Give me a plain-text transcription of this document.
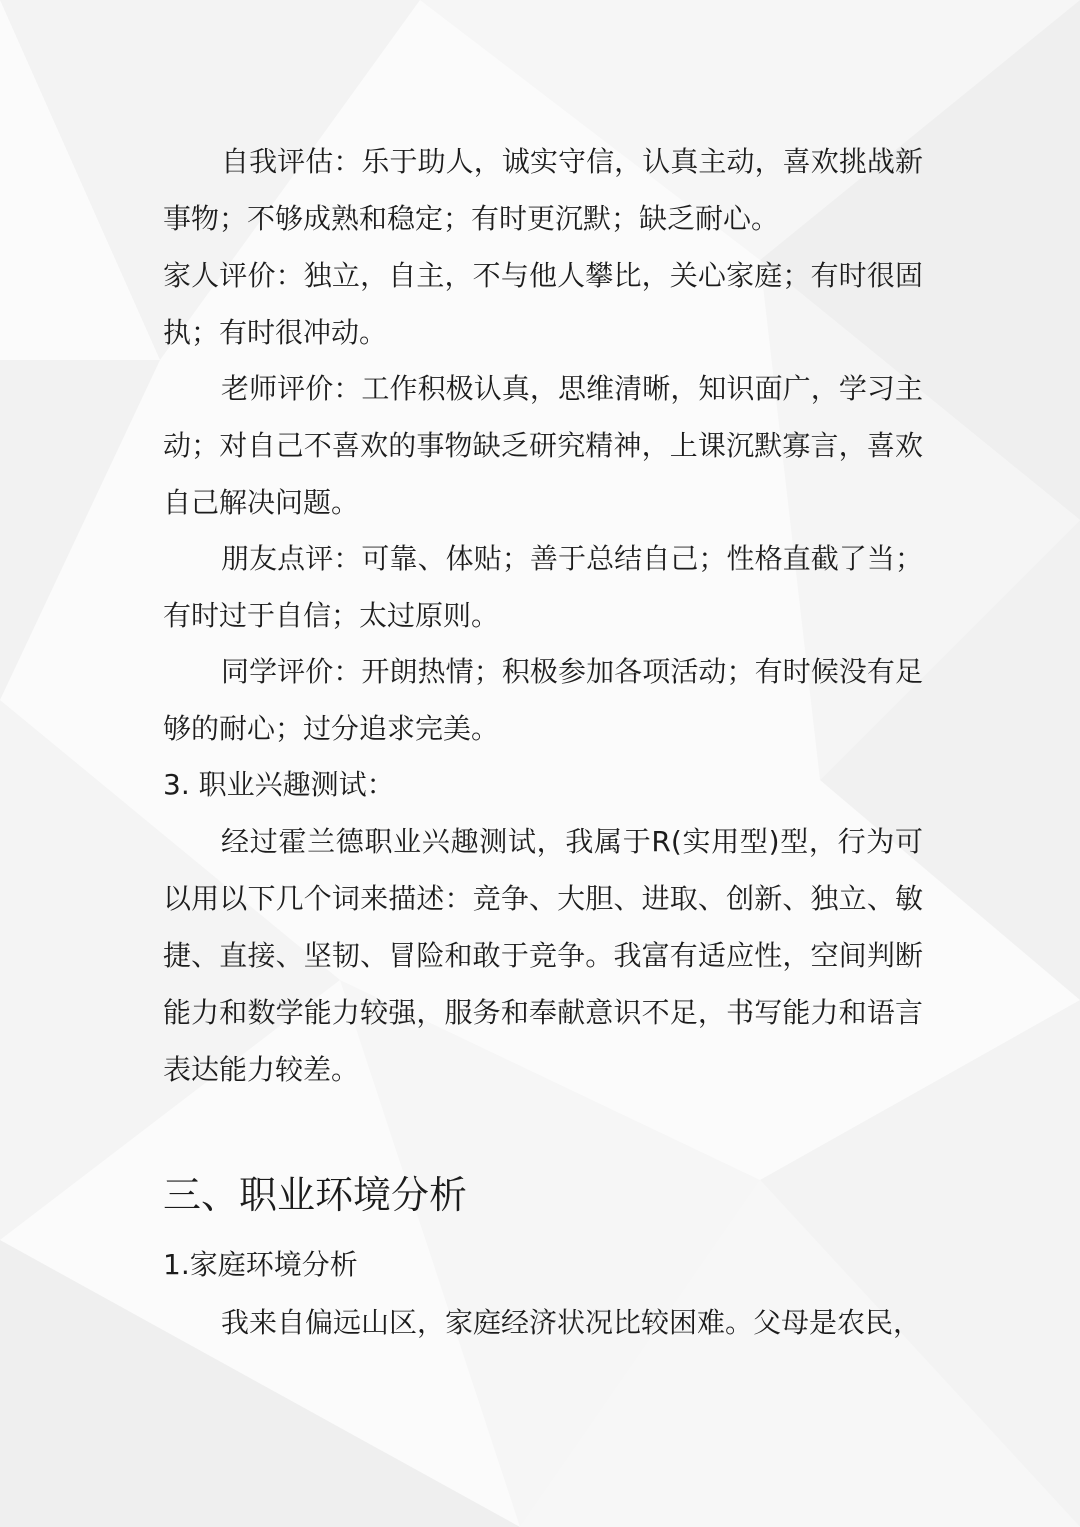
自我评估：乐于助人，诚实守信，认真主动，喜欢挑战新事物；不够成熟和稳定；有时更沉默；缺乏耐心。

家人评价：独立，自主，不与他人攀比，关心家庭；有时很固执；有时很冲动。

老师评价：工作积极认真，思维清晰，知识面广，学习主动；对自己不喜欢的事物缺乏研究精神，上课沉默寡言，喜欢自己解决问题。

朋友点评：可靠、体贴；善于总结自己；性格直截了当；有时过于自信；太过原则。

同学评价：开朗热情；积极参加各项活动；有时候没有足够的耐心；过分追求完美。

3. 职业兴趣测试：

经过霍兰德职业兴趣测试，我属于R(实用型)型，行为可以用以下几个词来描述：竞争、大胆、进取、创新、独立、敏捷、直接、坚韧、冒险和敢于竞争。我富有适应性，空间判断能力和数学能力较强，服务和奉献意识不足，书写能力和语言表达能力较差。

三、职业环境分析

1.家庭环境分析

我来自偏远山区，家庭经济状况比较困难。父母是农民，
